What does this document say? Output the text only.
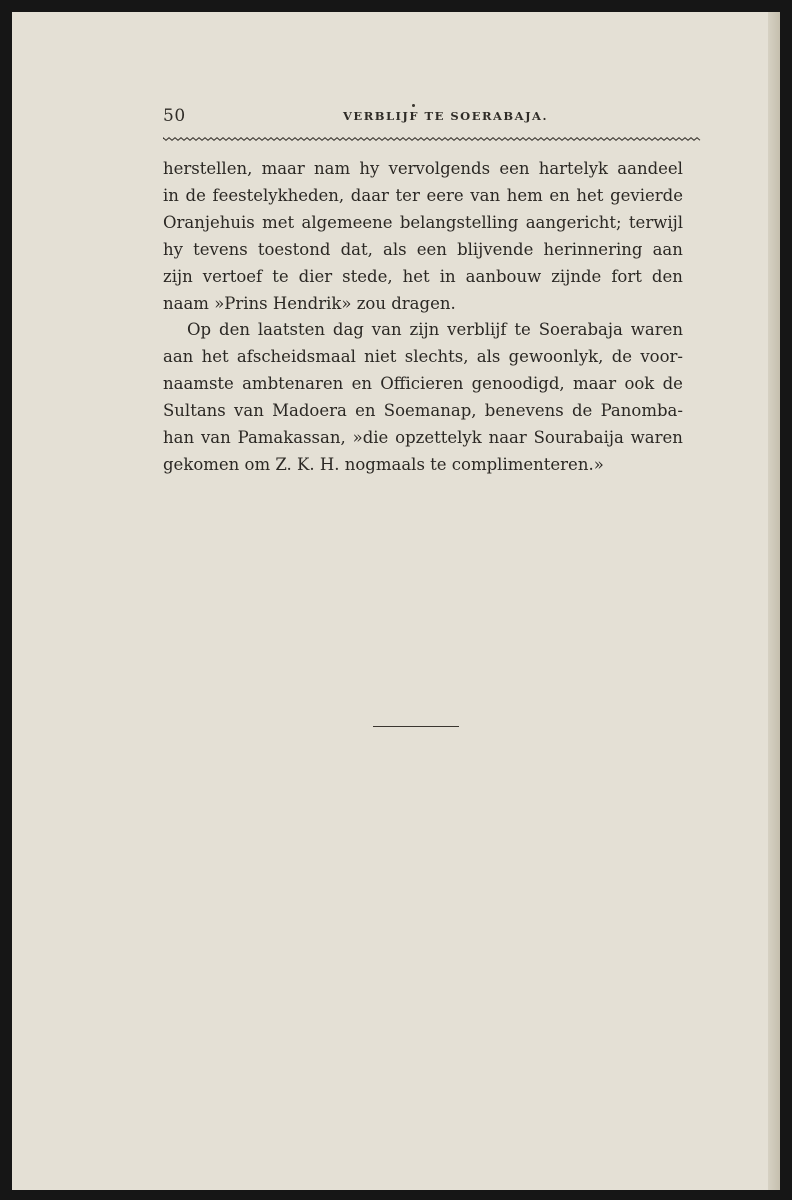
50	VERBLIJF TE SOERABAJA.
herstellen, maar nam hy vervolgends een hartelyk aandeel
in de feestelykheden, daar ter eere van hem en het gevierde
Oranjehuis met algemeene belangstelling aangericht; terwijl
hy tevens toestond dat, als een blijvende herinnering aan
zijn vertoef te dier stede, het in aanbouw zijnde fort den
naam »Prins Hendrik» zou dragen.
Op den laatsten dag van zijn verblijf te Soerabaja waren
aan het afscheidsmaal niet slechts, als gewoonlyk, de voor-
naamste ambtenaren en Officieren genoodigd, maar ook de
Sultans van Madoera en Soemanap, benevens de Panomba-
han van Pamakassan, »die opzettelyk naar Sourabaija waren
gekomen om Z. K. H. nogmaals te complimenteren.»
